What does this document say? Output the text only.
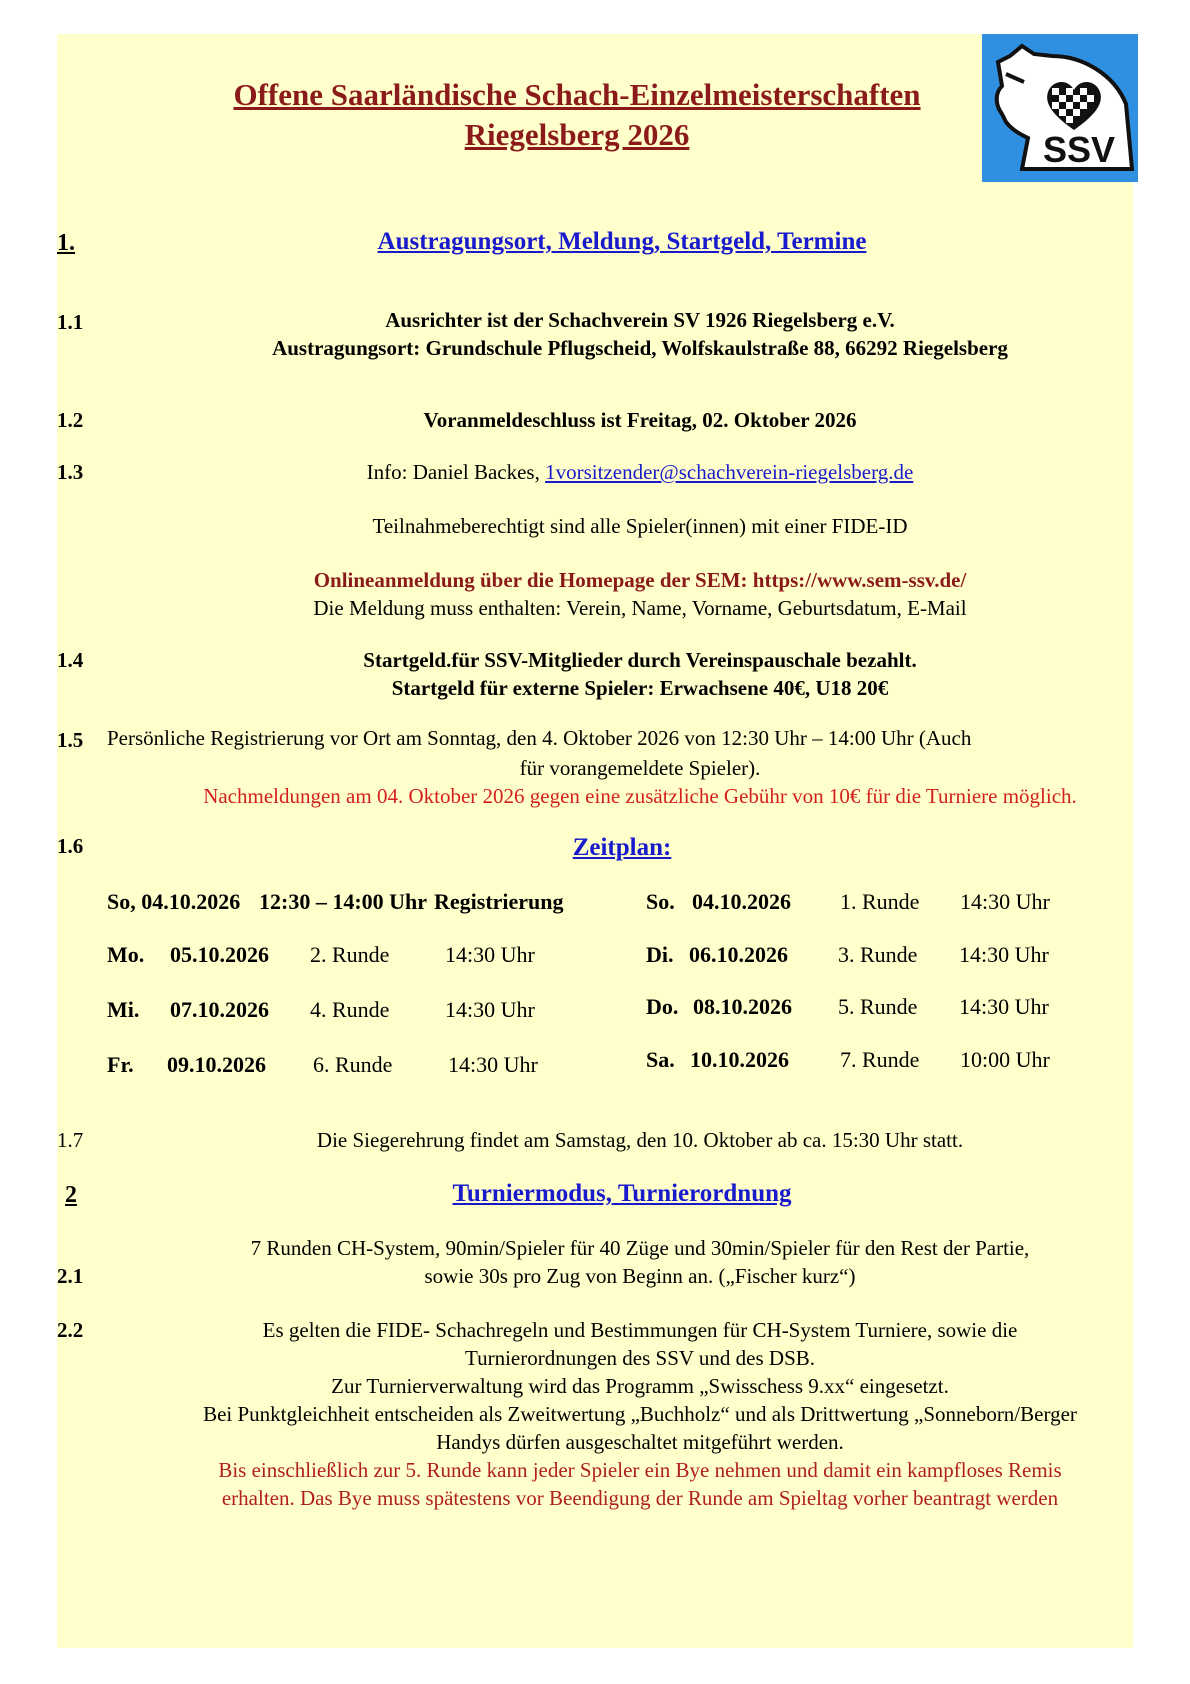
Offene Saarländische Schach-Einzelmeisterschaften
Riegelsberg 2026	SSV
1.	Austragungsort, Meldung, Startgeld, Termine
1.1	Ausrichter ist der Schachverein SV 1926 Riegelsberg e.V.
Austragungsort: Grundschule Pflugscheid, Wolfskaulstraße 88, 66292 Riegelsberg
1.2	Voranmeldeschluss ist Freitag, 02. Oktober 2026
1.3	Info: Daniel Backes, 1vorsitzender@schachverein-riegelsberg.de
Teilnahmeberechtigt sind alle Spieler(innen) mit einer FIDE-ID
Onlineanmeldung über die Homepage der SEM: https://www.sem-ssv.de/
Die Meldung muss enthalten: Verein, Name, Vorname, Geburtsdatum, E-Mail
1.4	Startgeld.für SSV-Mitglieder durch Vereinspauschale bezahlt.
Startgeld für externe Spieler: Erwachsene 40€, U18 20€
1.5 Persönliche Registrierung vor Ort am Sonntag, den 4. Oktober 2026 von 12:30 Uhr – 14:00 Uhr (Auch
für vorangemeldete Spieler).
Nachmeldungen am 04. Oktober 2026 gegen eine zusätzliche Gebühr von 10€ für die Turniere möglich.
1.6	Zeitplan:
So, 04.10.2026 12:30 – 14:00 Uhr Registrierung
Mo. 05.10.2026 2. Runde	14:30 Uhr
Mi. 07.10.2026 4. Runde	14:30 Uhr
Fr. 09.10.2026 6. Runde	14:30 Uhr
So. 04.10.2026 1. Runde 14:30 Uhr
Di. 06.10.2026 3. Runde 14:30 Uhr
Do. 08.10.2026 5. Runde 14:30 Uhr
Sa. 10.10.2026 7. Runde 10:00 Uhr
1.7	Die Siegerehrung findet am Samstag, den 10. Oktober ab ca. 15:30 Uhr statt.
2	Turniermodus, Turnierordnung
7 Runden CH-System, 90min/Spieler für 40 Züge und 30min/Spieler für den Rest der Partie,
2.1	sowie 30s pro Zug von Beginn an. („Fischer kurz“)
2.2	Es gelten die FIDE- Schachregeln und Bestimmungen für CH-System Turniere, sowie die
Turnierordnungen des SSV und des DSB.
Zur Turnierverwaltung wird das Programm „Swisschess 9.xx“ eingesetzt.
Bei Punktgleichheit entscheiden als Zweitwertung „Buchholz“ und als Drittwertung „Sonneborn/Berger
Handys dürfen ausgeschaltet mitgeführt werden.
Bis einschließlich zur 5. Runde kann jeder Spieler ein Bye nehmen und damit ein kampfloses Remis
erhalten. Das Bye muss spätestens vor Beendigung der Runde am Spieltag vorher beantragt werden
